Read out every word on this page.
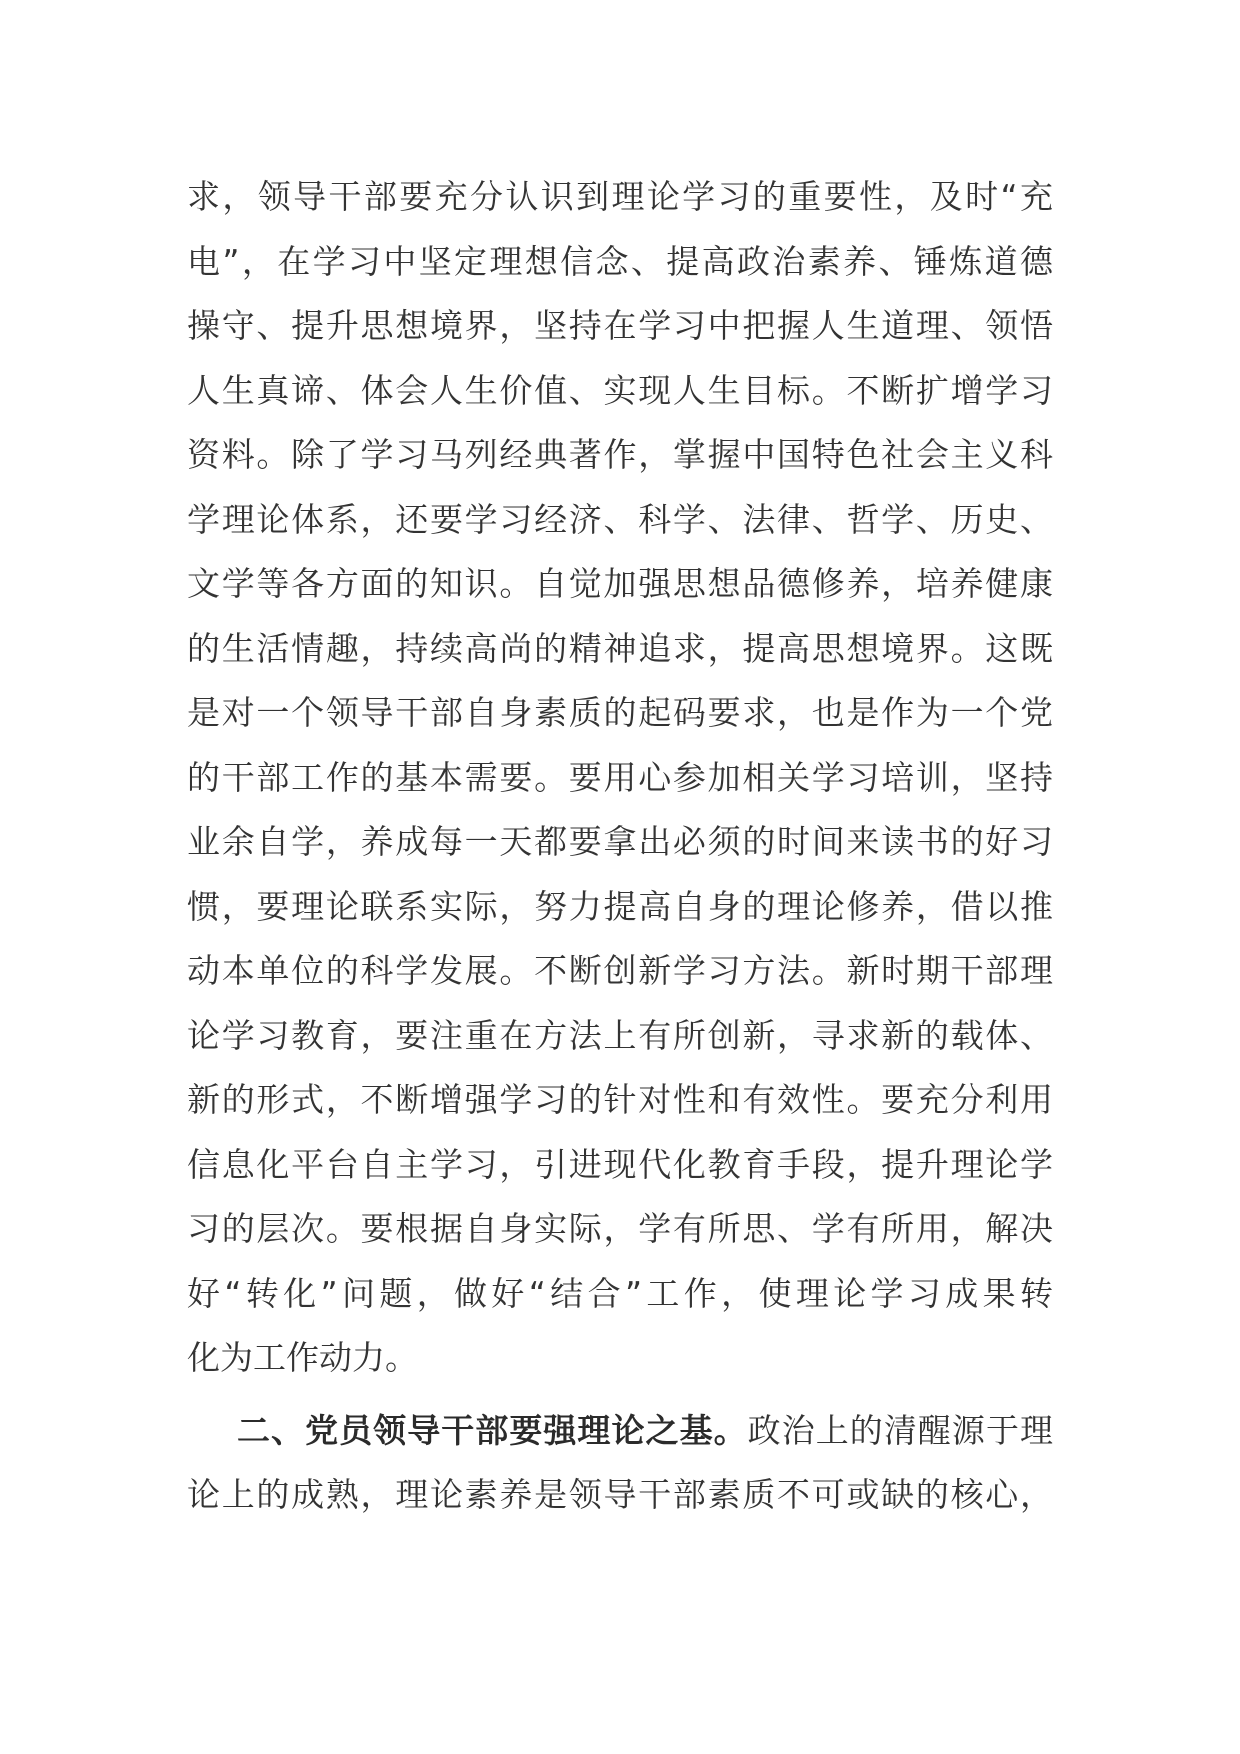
求，领导干部要充分认识到理论学习的重要性，及时“充
电”，在学习中坚定理想信念、提高政治素养、锤炼道德
操守、提升思想境界，坚持在学习中把握人生道理、领悟
人生真谛、体会人生价值、实现人生目标。不断扩增学习
资料。除了学习马列经典著作，掌握中国特色社会主义科
学理论体系，还要学习经济、科学、法律、哲学、历史、
文学等各方面的知识。自觉加强思想品德修养，培养健康
的生活情趣，持续高尚的精神追求，提高思想境界。这既
是对一个领导干部自身素质的起码要求，也是作为一个党
的干部工作的基本需要。要用心参加相关学习培训，坚持
业余自学，养成每一天都要拿出必须的时间来读书的好习
惯，要理论联系实际，努力提高自身的理论修养，借以推
动本单位的科学发展。不断创新学习方法。新时期干部理
论学习教育，要注重在方法上有所创新，寻求新的载体、
新的形式，不断增强学习的针对性和有效性。要充分利用
信息化平台自主学习，引进现代化教育手段，提升理论学
习的层次。要根据自身实际，学有所思、学有所用，解决
好“转化”问题，做好“结合”工作，使理论学习成果转
化为工作动力。
二、党员领导干部要强理论之基。政治上的清醒源于理
论上的成熟，理论素养是领导干部素质不可或缺的核心，
